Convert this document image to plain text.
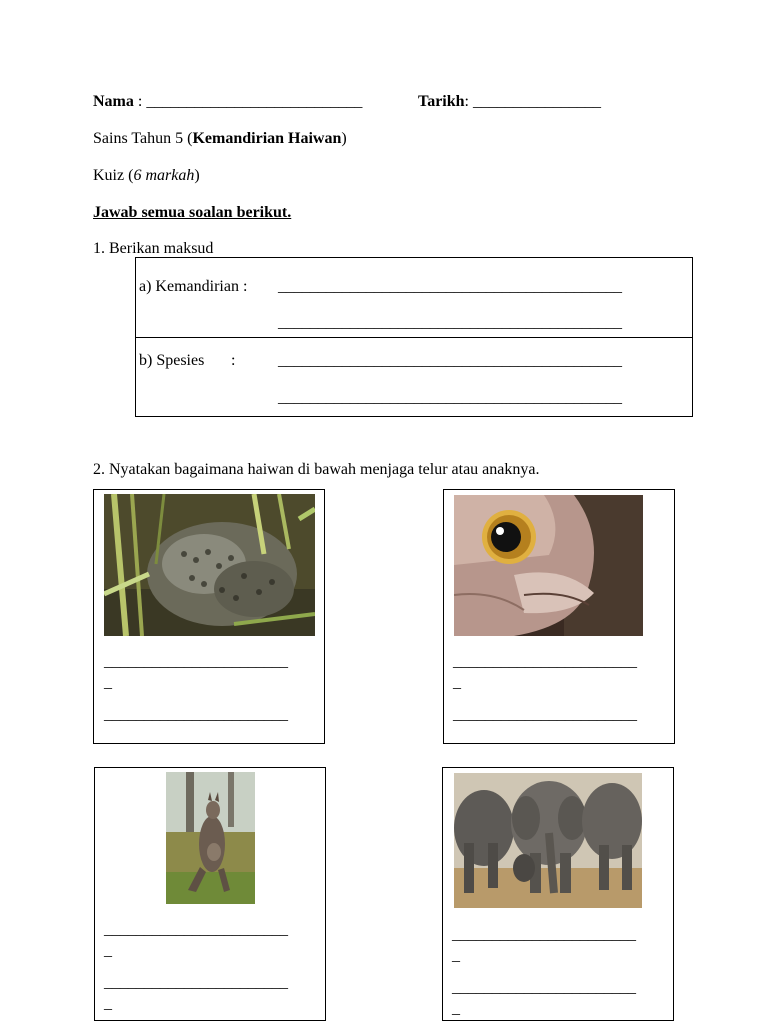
Nama : ___________________________	Tarikh: ________________
Sains Tahun 5 (Kemandirian Haiwan)
Kuiz (6 markah)
Jawab semua soalan berikut.
1. Berikan maksud
a) Kemandirian : ___________________________________________
___________________________________________
b) Spesies :	___________________________________________
___________________________________________
2. Nyatakan bagaimana haiwan di bawah menjaga telur atau anaknya.
_______________________
_
_______________________
_______________________
_
_______________________
_______________________
_
_______________________
_
_______________________
_
_______________________
_
